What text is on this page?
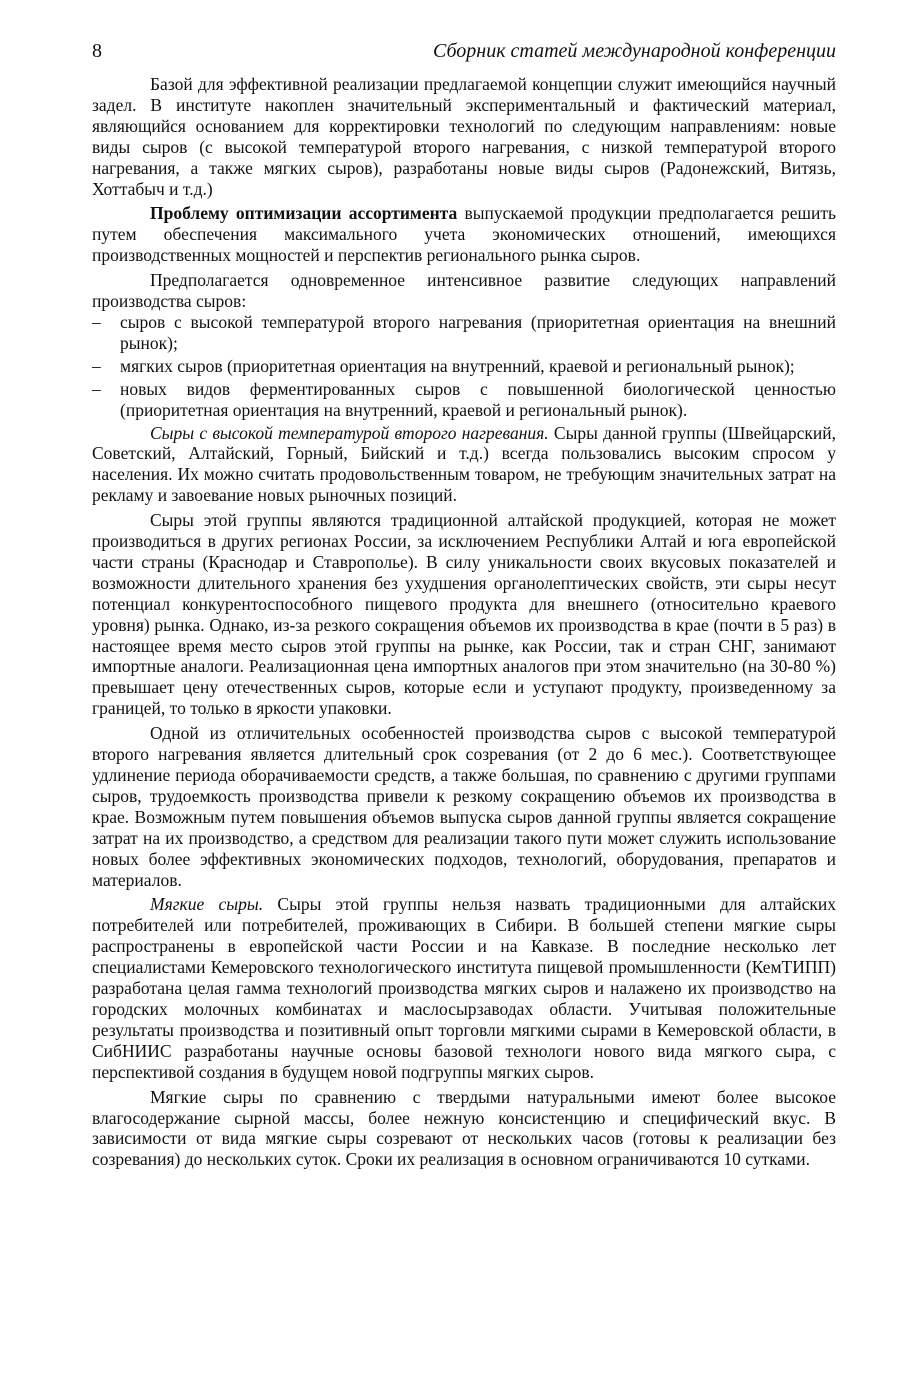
8	Сборник статей международной конференции

Базой для эффективной реализации предлагаемой концепции служит имеющийся научный задел. В институте накоплен значительный экспериментальный и фактический материал, являющийся основанием для корректировки технологий по следующим направлениям: новые виды сыров (с высокой температурой второго нагревания, с низкой температурой второго нагревания, а также мягких сыров), разработаны новые виды сыров (Радонежский, Витязь, Хоттабыч и т.д.)

Проблему оптимизации ассортимента выпускаемой продукции предполагается решить путем обеспечения максимального учета экономических отношений, имеющихся производственных мощностей и перспектив регионального рынка сыров.

Предполагается одновременное интенсивное развитие следующих направлений производства сыров:

– сыров с высокой температурой второго нагревания (приоритетная ориентация на внешний рынок);
– мягких сыров (приоритетная ориентация на внутренний, краевой и региональный рынок);
– новых видов ферментированных сыров с повышенной биологической ценностью (приоритетная ориентация на внутренний, краевой и региональный рынок).

Сыры с высокой температурой второго нагревания. Сыры данной группы (Швейцарский, Советский, Алтайский, Горный, Бийский и т.д.) всегда пользовались высоким спросом у населения. Их можно считать продовольственным товаром, не требующим значительных затрат на рекламу и завоевание новых рыночных позиций.

Сыры этой группы являются традиционной алтайской продукцией, которая не может производиться в других регионах России, за исключением Республики Алтай и юга европейской части страны (Краснодар и Ставрополье). В силу уникальности своих вкусовых показателей и возможности длительного хранения без ухудшения органолептических свойств, эти сыры несут потенциал конкурентоспособного пищевого продукта для внешнего (относительно краевого уровня) рынка. Однако, из-за резкого сокращения объемов их производства в крае (почти в 5 раз) в настоящее время место сыров этой группы на рынке, как России, так и стран СНГ, занимают импортные аналоги. Реализационная цена импортных аналогов при этом значительно (на 30-80 %) превышает цену отечественных сыров, которые если и уступают продукту, произведенному за границей, то только в яркости упаковки.

Одной из отличительных особенностей производства сыров с высокой температурой второго нагревания является длительный срок созревания (от 2 до 6 мес.). Соответствующее удлинение периода оборачиваемости средств, а также большая, по сравнению с другими группами сыров, трудоемкость производства привели к резкому сокращению объемов их производства в крае. Возможным путем повышения объемов выпуска сыров данной группы является сокращение затрат на их производство, а средством для реализации такого пути может служить использование новых более эффективных экономических подходов, технологий, оборудования, препаратов и материалов.

Мягкие сыры. Сыры этой группы нельзя назвать традиционными для алтайских потребителей или потребителей, проживающих в Сибири. В большей степени мягкие сыры распространены в европейской части России и на Кавказе. В последние несколько лет специалистами Кемеровского технологического института пищевой промышленности (КемТИПП) разработана целая гамма технологий производства мягких сыров и налажено их производство на городских молочных комбинатах и маслосырзаводах области. Учитывая положительные результаты производства и позитивный опыт торговли мягкими сырами в Кемеровской области, в СибНИИС разработаны научные основы базовой технологи нового вида мягкого сыра, с перспективой создания в будущем новой подгруппы мягких сыров.

Мягкие сыры по сравнению с твердыми натуральными имеют более высокое влагосодержание сырной массы, более нежную консистенцию и специфический вкус. В зависимости от вида мягкие сыры созревают от нескольких часов (готовы к реализации без созревания) до нескольких суток. Сроки их реализация в основном ограничиваются 10 сутками.
